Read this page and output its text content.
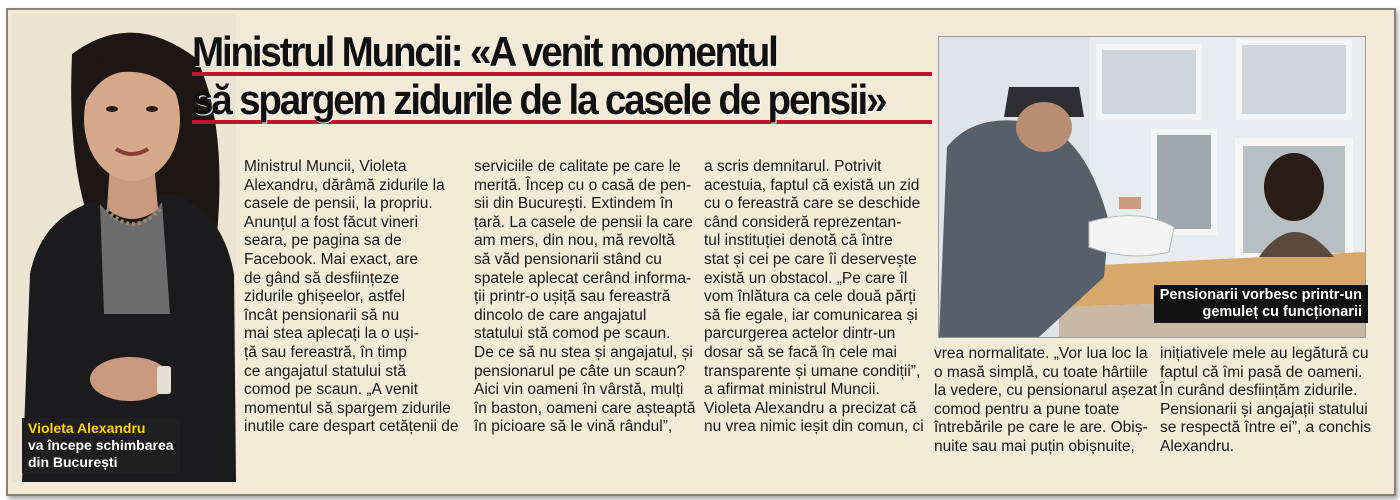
Violeta Alexandru
va începe schimbarea
din București
Ministrul Muncii: «A venit momentul
să spargem zidurile de la casele de pensii»
Ministrul Muncii, Violeta
Alexandru, dărâmă zidurile la
casele de pensii, la propriu.
Anunțul a fost făcut vineri
seara, pe pagina sa de
Facebook. Mai exact, are
de gând să desființeze
zidurile ghișeelor, astfel
încât pensionarii să nu
mai stea aplecați la o uși-
ță sau fereastră, în timp
ce angajatul statului stă
comod pe scaun. „A venit
momentul să spargem zidurile
inutile care despart cetățenii de
serviciile de calitate pe care le
merită. Încep cu o casă de pen-
sii din București. Extindem în
țară. La casele de pensii la care
am mers, din nou, mă revoltă
să văd pensionarii stând cu
spatele aplecat cerând informa-
ții printr-o ușiță sau fereastră
dincolo de care angajatul
statului stă comod pe scaun.
De ce să nu stea și angajatul, și
pensionarul pe câte un scaun?
Aici vin oameni în vârstă, mulți
în baston, oameni care așteaptă
în picioare să le vină rândul”,
a scris demnitarul. Potrivit
acestuia, faptul că există un zid
cu o fereastră care se deschide
când consideră reprezentan-
tul instituției denotă că între
stat și cei pe care îi deservește
există un obstacol. „Pe care îl
vom înlătura ca cele două părți
să fie egale, iar comunicarea și
parcurgerea actelor dintr-un
dosar să se facă în cele mai
transparente și umane condiții”,
a afirmat ministrul Muncii.
Violeta Alexandru a precizat că
nu vrea nimic ieșit din comun, ci
vrea normalitate. „Vor lua loc la
o masă simplă, cu toate hârtiile
la vedere, cu pensionarul așezat
comod pentru a pune toate
întrebările pe care le are. Obiș-
nuite sau mai puțin obișnuite,
inițiativele mele au legătură cu
faptul că îmi pasă de oameni.
În curând desființăm zidurile.
Pensionarii și angajații statului
se respectă între ei”, a conchis
Alexandru.
Pensionarii vorbesc printr-un
gemuleț cu funcționarii
